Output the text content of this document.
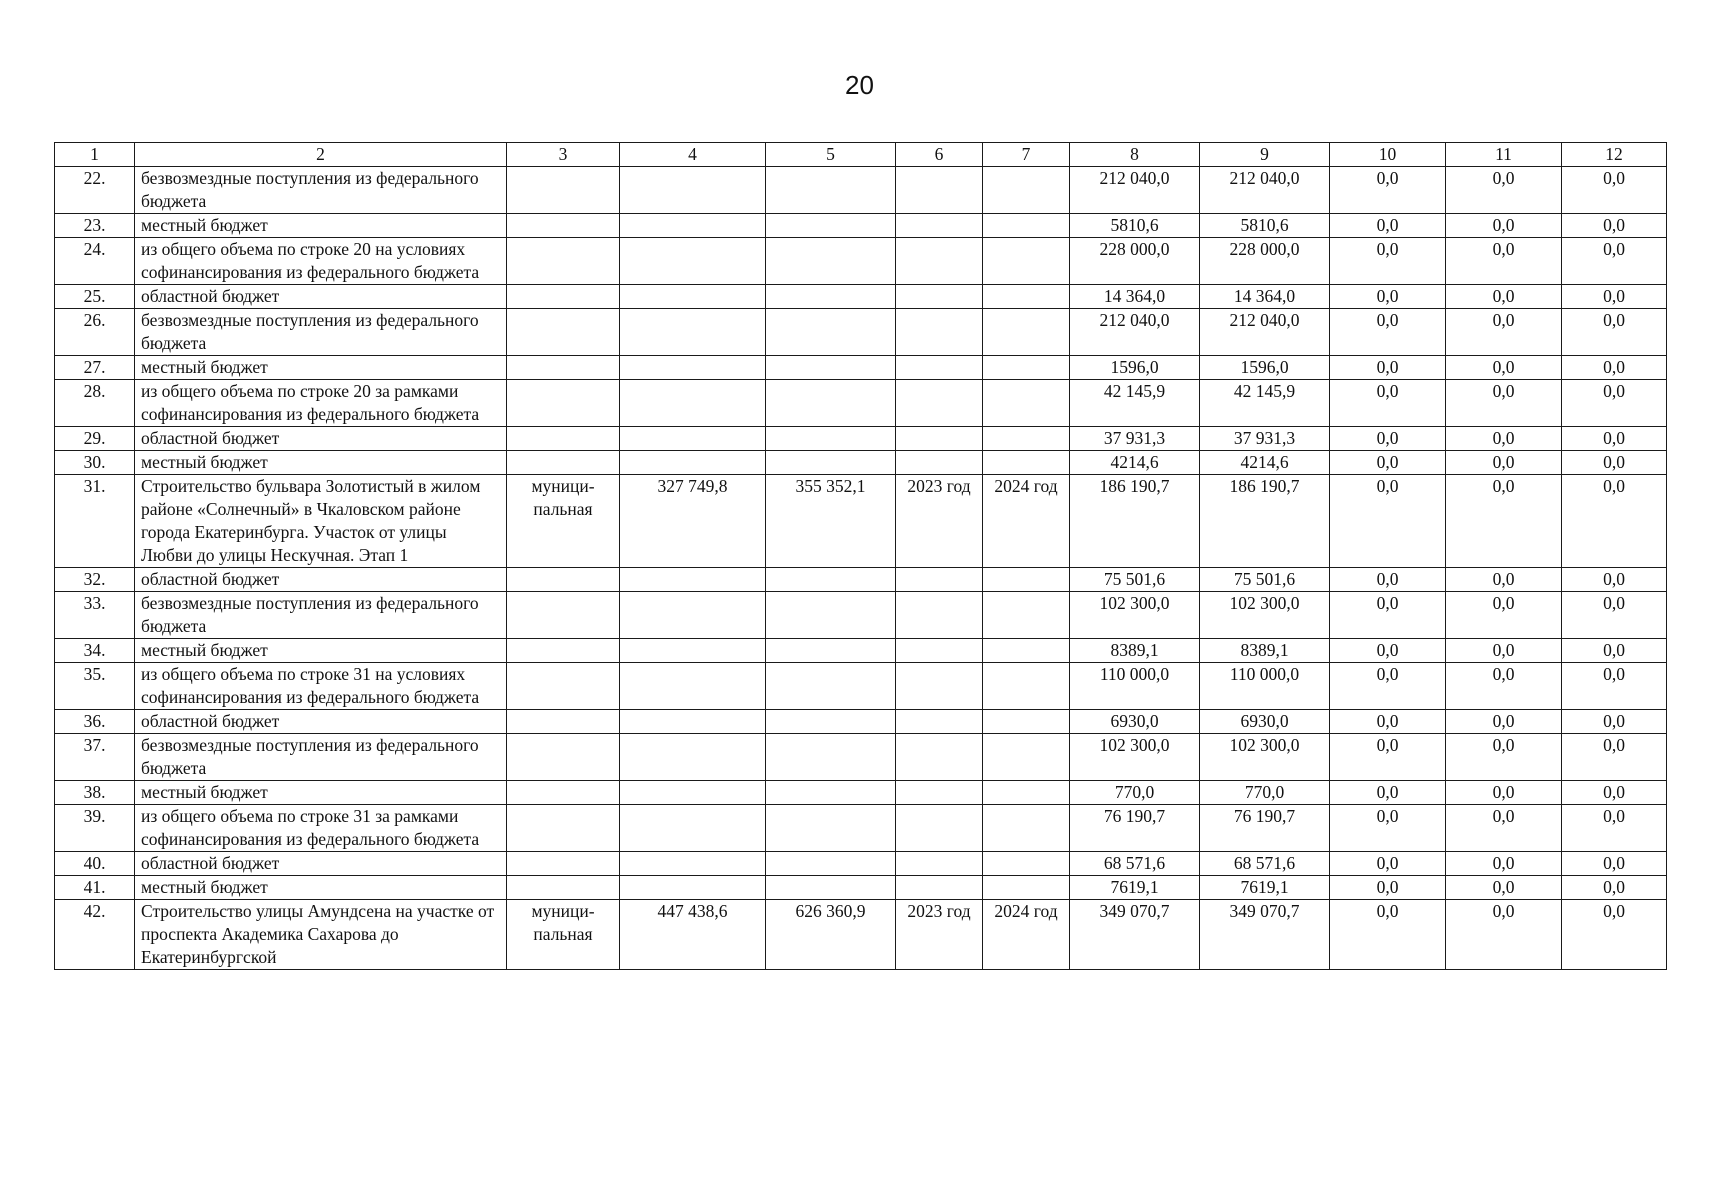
20
1	2	3	4	5	6	7	8	9	10	11	12
22.	безвозмездные поступления из федерального бюджета						212 040,0	212 040,0	0,0	0,0	0,0
23.	местный бюджет						5810,6	5810,6	0,0	0,0	0,0
24.	из общего объема по строке 20 на условиях софинансирования из федерального бюджета						228 000,0	228 000,0	0,0	0,0	0,0
25.	областной бюджет						14 364,0	14 364,0	0,0	0,0	0,0
26.	безвозмездные поступления из федерального бюджета						212 040,0	212 040,0	0,0	0,0	0,0
27.	местный бюджет						1596,0	1596,0	0,0	0,0	0,0
28.	из общего объема по строке 20 за рамками софинансирования из федерального бюджета						42 145,9	42 145,9	0,0	0,0	0,0
29.	областной бюджет						37 931,3	37 931,3	0,0	0,0	0,0
30.	местный бюджет						4214,6	4214,6	0,0	0,0	0,0
31.	Строительство бульвара Золотистый в жилом районе «Солнечный» в Чкаловском районе города Екатеринбурга. Участок от улицы Любви до улицы Нескучная. Этап 1	муници-пальная	327 749,8	355 352,1	2023 год	2024 год	186 190,7	186 190,7	0,0	0,0	0,0
32.	областной бюджет						75 501,6	75 501,6	0,0	0,0	0,0
33.	безвозмездные поступления из федерального бюджета						102 300,0	102 300,0	0,0	0,0	0,0
34.	местный бюджет						8389,1	8389,1	0,0	0,0	0,0
35.	из общего объема по строке 31 на условиях софинансирования из федерального бюджета						110 000,0	110 000,0	0,0	0,0	0,0
36.	областной бюджет						6930,0	6930,0	0,0	0,0	0,0
37.	безвозмездные поступления из федерального бюджета						102 300,0	102 300,0	0,0	0,0	0,0
38.	местный бюджет						770,0	770,0	0,0	0,0	0,0
39.	из общего объема по строке 31 за рамками софинансирования из федерального бюджета						76 190,7	76 190,7	0,0	0,0	0,0
40.	областной бюджет						68 571,6	68 571,6	0,0	0,0	0,0
41.	местный бюджет						7619,1	7619,1	0,0	0,0	0,0
42.	Строительство улицы Амундсена на участке от проспекта Академика Сахарова до Екатеринбургской	муници-пальная	447 438,6	626 360,9	2023 год	2024 год	349 070,7	349 070,7	0,0	0,0	0,0
